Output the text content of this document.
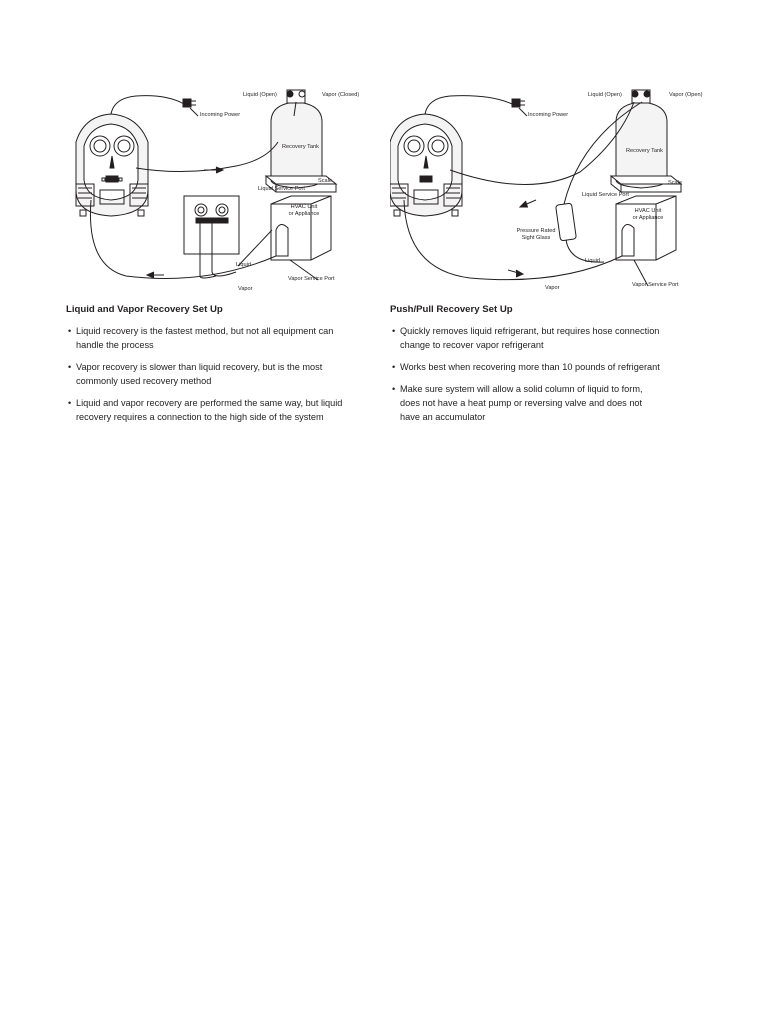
Liquid (Open)	Vapor (Closed)
Incoming Power
Recovery Tank
Scale
Liquid Service Port
HVAC Unit
or Appliance
Liquid
Vapor Service Port
Vapor
Liquid and Vapor Recovery Set Up
• Liquid recovery is the fastest method, but not all equipment can
handle the process
• Vapor recovery is slower than liquid recovery, but is the most
commonly used recovery method
• Liquid and vapor recovery are performed the same way, but liquid
recovery requires a connection to the high side of the system
Liquid (Open)	Vapor (Open)
Incoming Power
Recovery Tank
Scale
Liquid Service Port
HVAC Unit
or Appliance
Pressure Rated
Sight Glass
Liquid
Vapor Service Port
Vapor
Push/Pull Recovery Set Up
• Quickly removes liquid refrigerant, but requires hose connection
change to recover vapor refrigerant
• Works best when recovering more than 10 pounds of refrigerant
• Make sure system will allow a solid column of liquid to form,
does not have a heat pump or reversing valve and does not
have an accumulator
